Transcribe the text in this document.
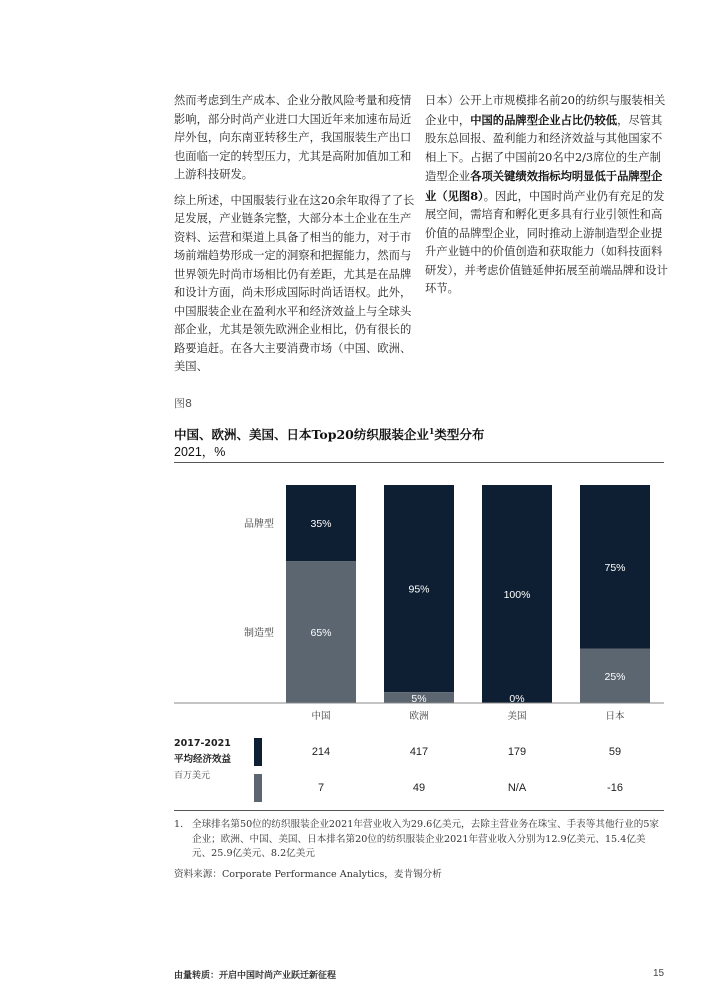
然而考虑到生产成本、企业分散风险考量和疫情影响，部分时尚产业进口大国近年来加速布局近岸外包，向东南亚转移生产，我国服装生产出口也面临一定的转型压力，尤其是高附加值加工和上游科技研发。

综上所述，中国服装行业在这20余年取得了了长足发展，产业链条完整，大部分本土企业在生产资料、运营和渠道上具备了相当的能力，对于市场前端趋势形成一定的洞察和把握能力，然而与世界领先时尚市场相比仍有差距，尤其是在品牌和设计方面，尚未形成国际时尚话语权。此外，中国服装企业在盈利水平和经济效益上与全球头部企业，尤其是领先欧洲企业相比，仍有很长的路要追赶。在各大主要消费市场（中国、欧洲、美国、

日本）公开上市规模排名前20的纺织与服装相关企业中，中国的品牌型企业占比仍较低，尽管其股东总回报、盈利能力和经济效益与其他国家不相上下。占据了中国前20名中2/3席位的生产制造型企业各项关键绩效指标均明显低于品牌型企业（见图8）。因此，中国时尚产业仍有充足的发展空间，需培育和孵化更多具有行业引领性和高价值的品牌型企业，同时推动上游制造型企业提升产业链中的价值创造和获取能力（如科技面料研发），并考虑价值链延伸拓展至前端品牌和设计环节。

图8
中国、欧洲、美国、日本Top20纺织服装企业$^1$类型分布
2021，%
品牌型
制造型
35%
65%
中国
95%
5%
欧洲
100%
0%
美国
75%
25%
日本
2017-2021
平均经济效益
百万美元
214	417	179	59
7	49	N/A	-16
1. 全球排名第50位的纺织服装企业2021年营业收入为29.6亿美元，去除主营业务在珠宝、手表等其他行业的5家企业；欧洲、中国、美国、日本排名第20位的纺织服装企业2021年营业收入分别为12.9亿美元、15.4亿美元、25.9亿美元、8.2亿美元
资料来源：Corporate Performance Analytics，麦肯锡分析
由量转质：开启中国时尚产业跃迁新征程	15
